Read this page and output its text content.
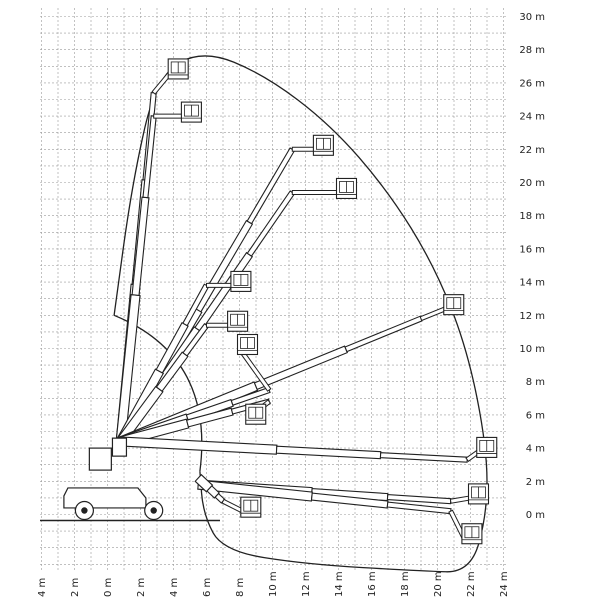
30 m
28 m
26 m
24 m
22 m
20 m
18 m
16 m
14 m
12 m
10 m
8 m
6 m
4 m
2 m
0 m
4 m 2 m 0 m 2 m 4 m 6 m 8 m 10 m 12 m 14 m 16 m 18 m 20 m 22 m 24 m
